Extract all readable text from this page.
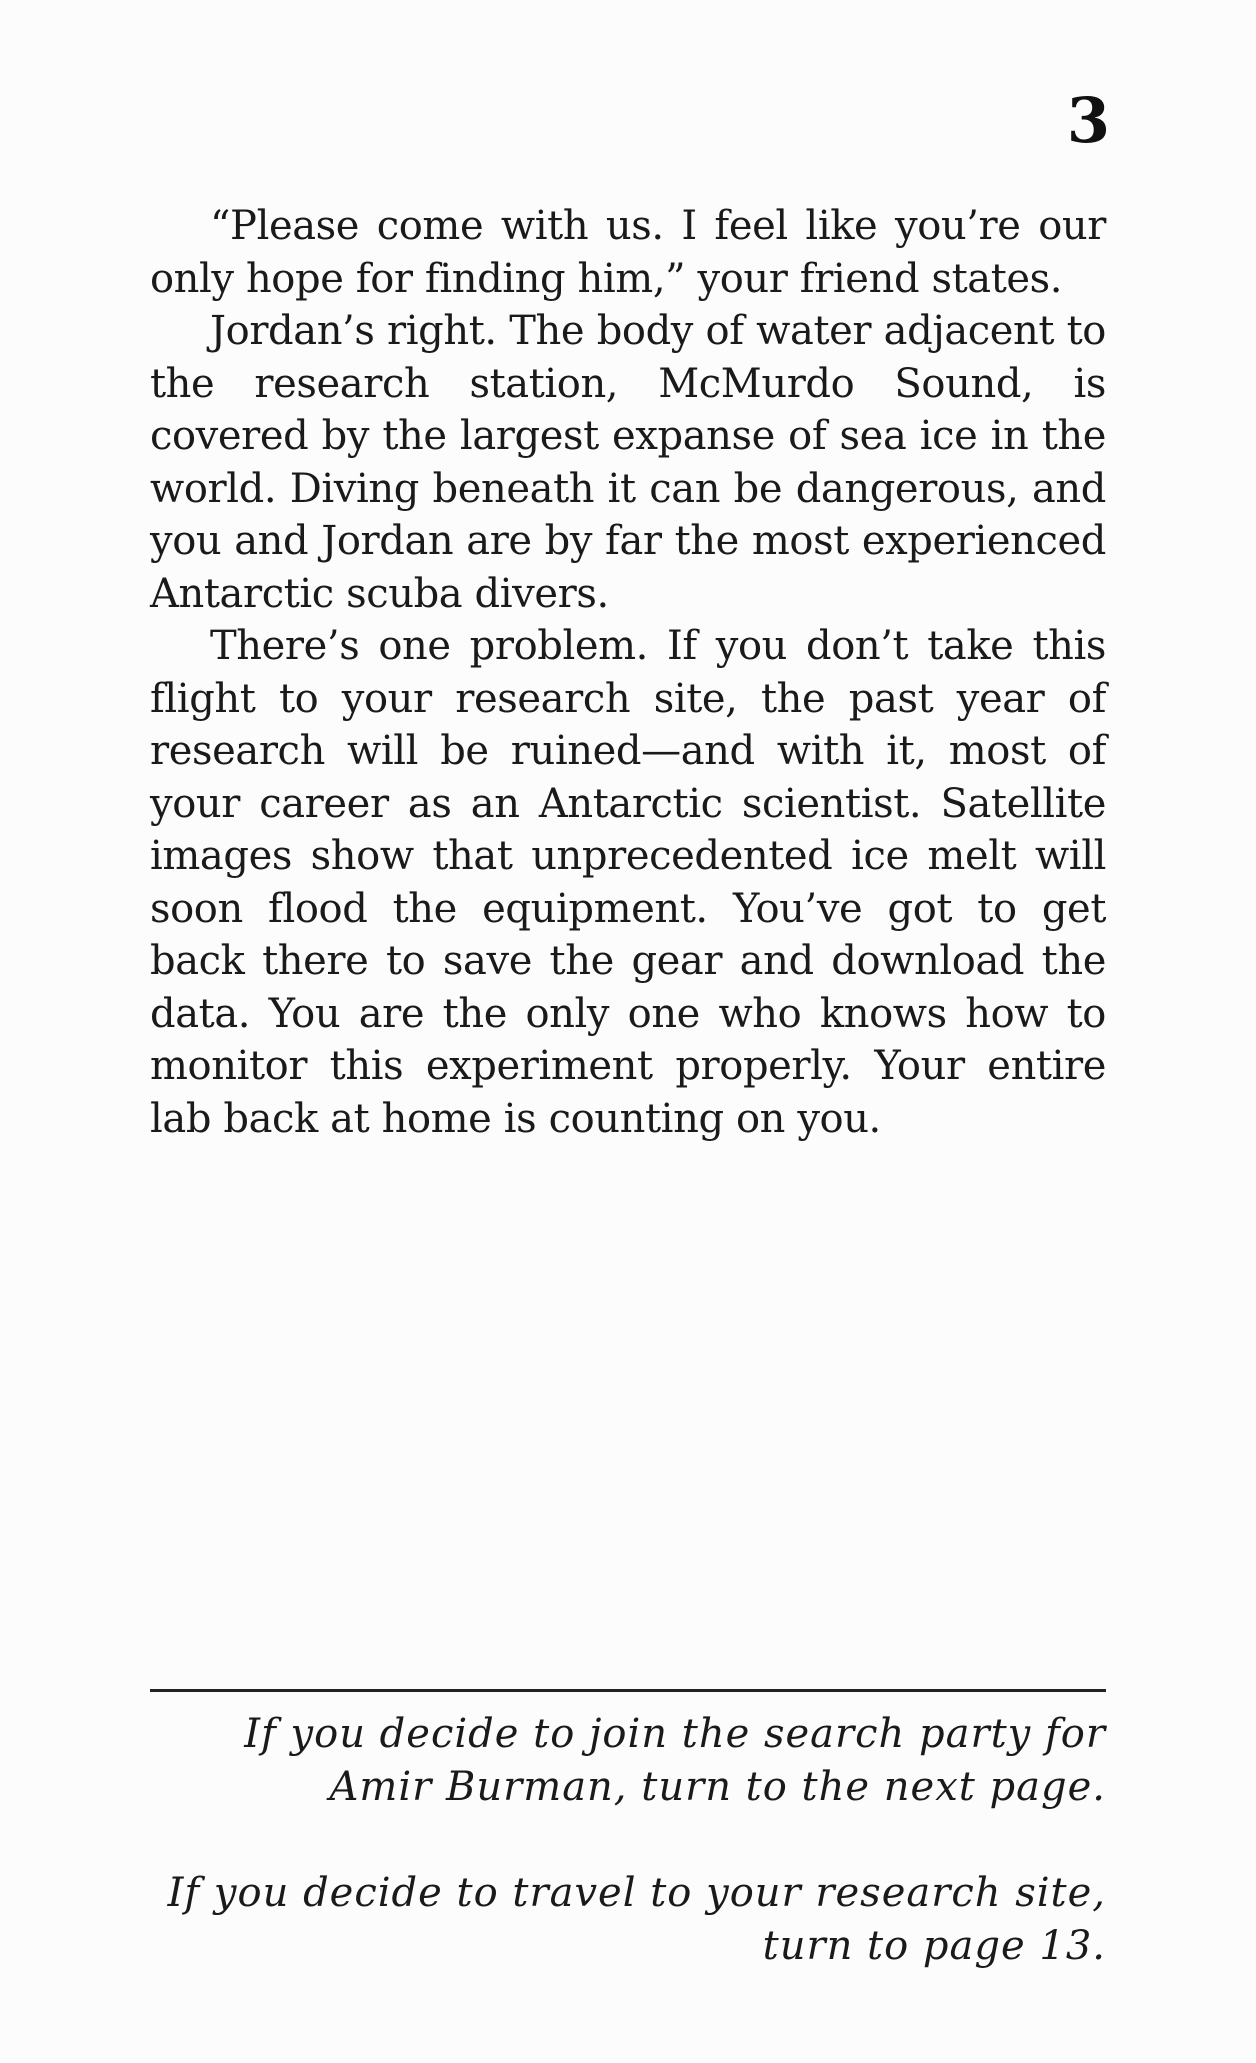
3

“Please come with us. I feel like you’re our only hope for finding him,” your friend states.

Jordan’s right. The body of water adjacent to the research station, McMurdo Sound, is covered by the largest expanse of sea ice in the world. Diving beneath it can be dangerous, and you and Jordan are by far the most experienced Antarctic scuba divers.

There’s one problem. If you don’t take this flight to your research site, the past year of research will be ruined—and with it, most of your career as an Antarctic scientist. Satellite images show that unprecedented ice melt will soon flood the equipment. You’ve got to get back there to save the gear and download the data. You are the only one who knows how to monitor this experiment properly. Your entire lab back at home is counting on you.

If you decide to join the search party for Amir Burman, turn to the next page.

If you decide to travel to your research site, turn to page 13.
